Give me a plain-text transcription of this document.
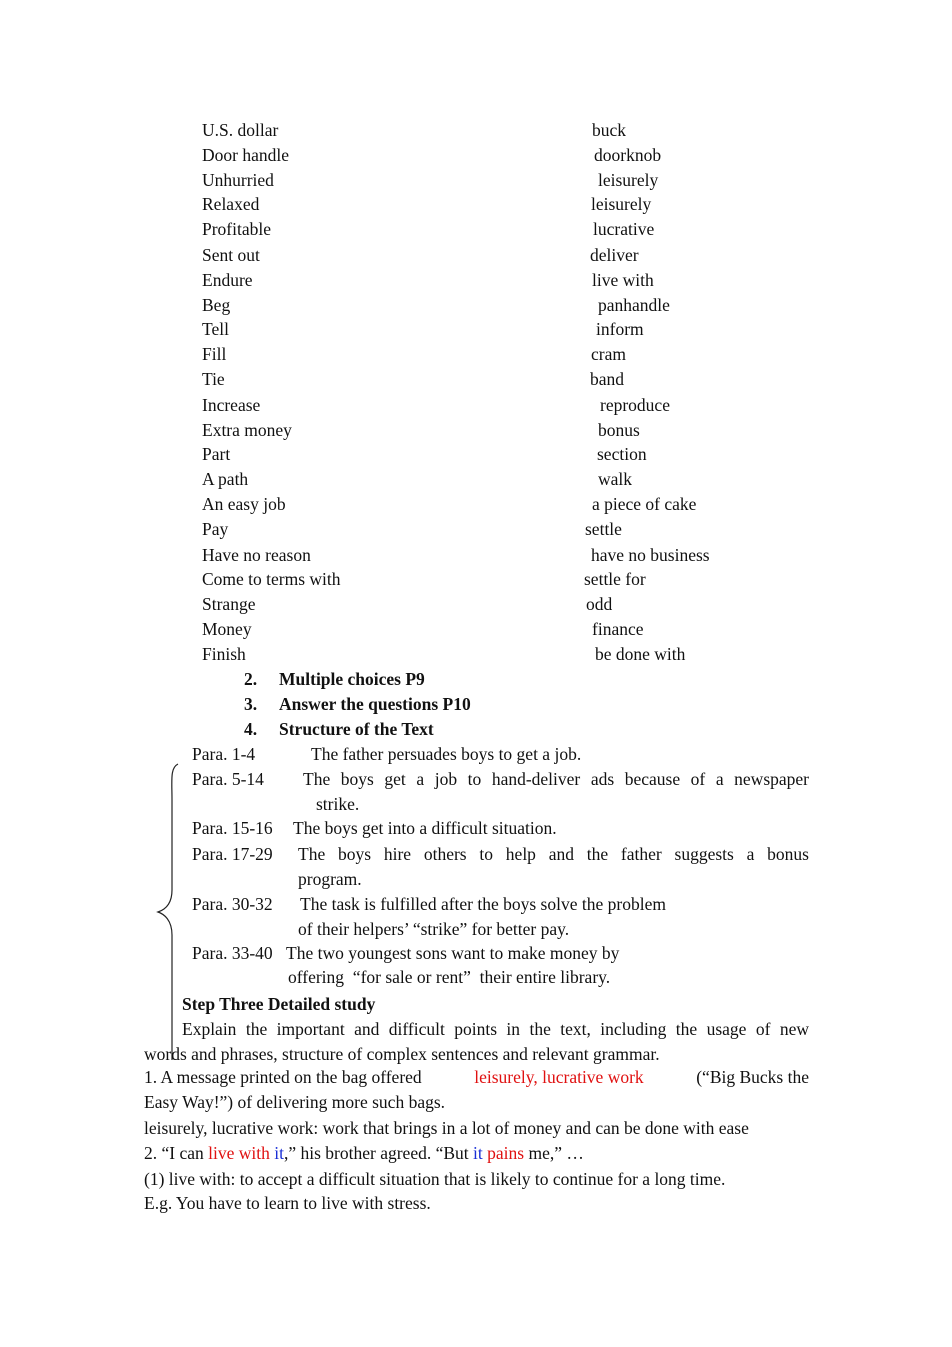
U.S. dollar	buck
Door handle	doorknob
Unhurried	leisurely
Relaxed	leisurely
Profitable	lucrative
Sent out	deliver
Endure	live with
Beg	panhandle
Tell	inform
Fill	cram
Tie	band
Increase	reproduce
Extra money	bonus
Part	section
A path	walk
An easy job	a piece of cake
Pay	settle
Have no reason	have no business
Come to terms with	settle for
Strange	odd
Money	finance
Finish	be done with
2. Multiple choices P9
3. Answer the questions P10
4. Structure of the Text
Para. 1-4	The father persuades boys to get a job.
Para. 5-14 The boys get a job to hand-deliver ads because of a newspaper
strike.
Para. 15-16 The boys get into a difficult situation.
Para. 17-29 The boys hire others to help and the father suggests a bonus
program.
Para. 30-32 The task is fulfilled after the boys solve the problem
of their helpers’ “strike” for better pay.
Para. 33-40 The two youngest sons want to make money by
offering  “for sale or rent”  their entire library.
Step Three Detailed study
Explain the important and difficult points in the text, including the usage of new
words and phrases, structure of complex sentences and relevant grammar.
1. A message printed on the bag offered	leisurely, lucrative work	(“Big Bucks the
Easy Way!”) of delivering more such bags.
leisurely, lucrative work: work that brings in a lot of money and can be done with ease
2. “I can live with it,” his brother agreed. “But it pains me,” …
(1) live with: to accept a difficult situation that is likely to continue for a long time.
E.g. You have to learn to live with stress.
